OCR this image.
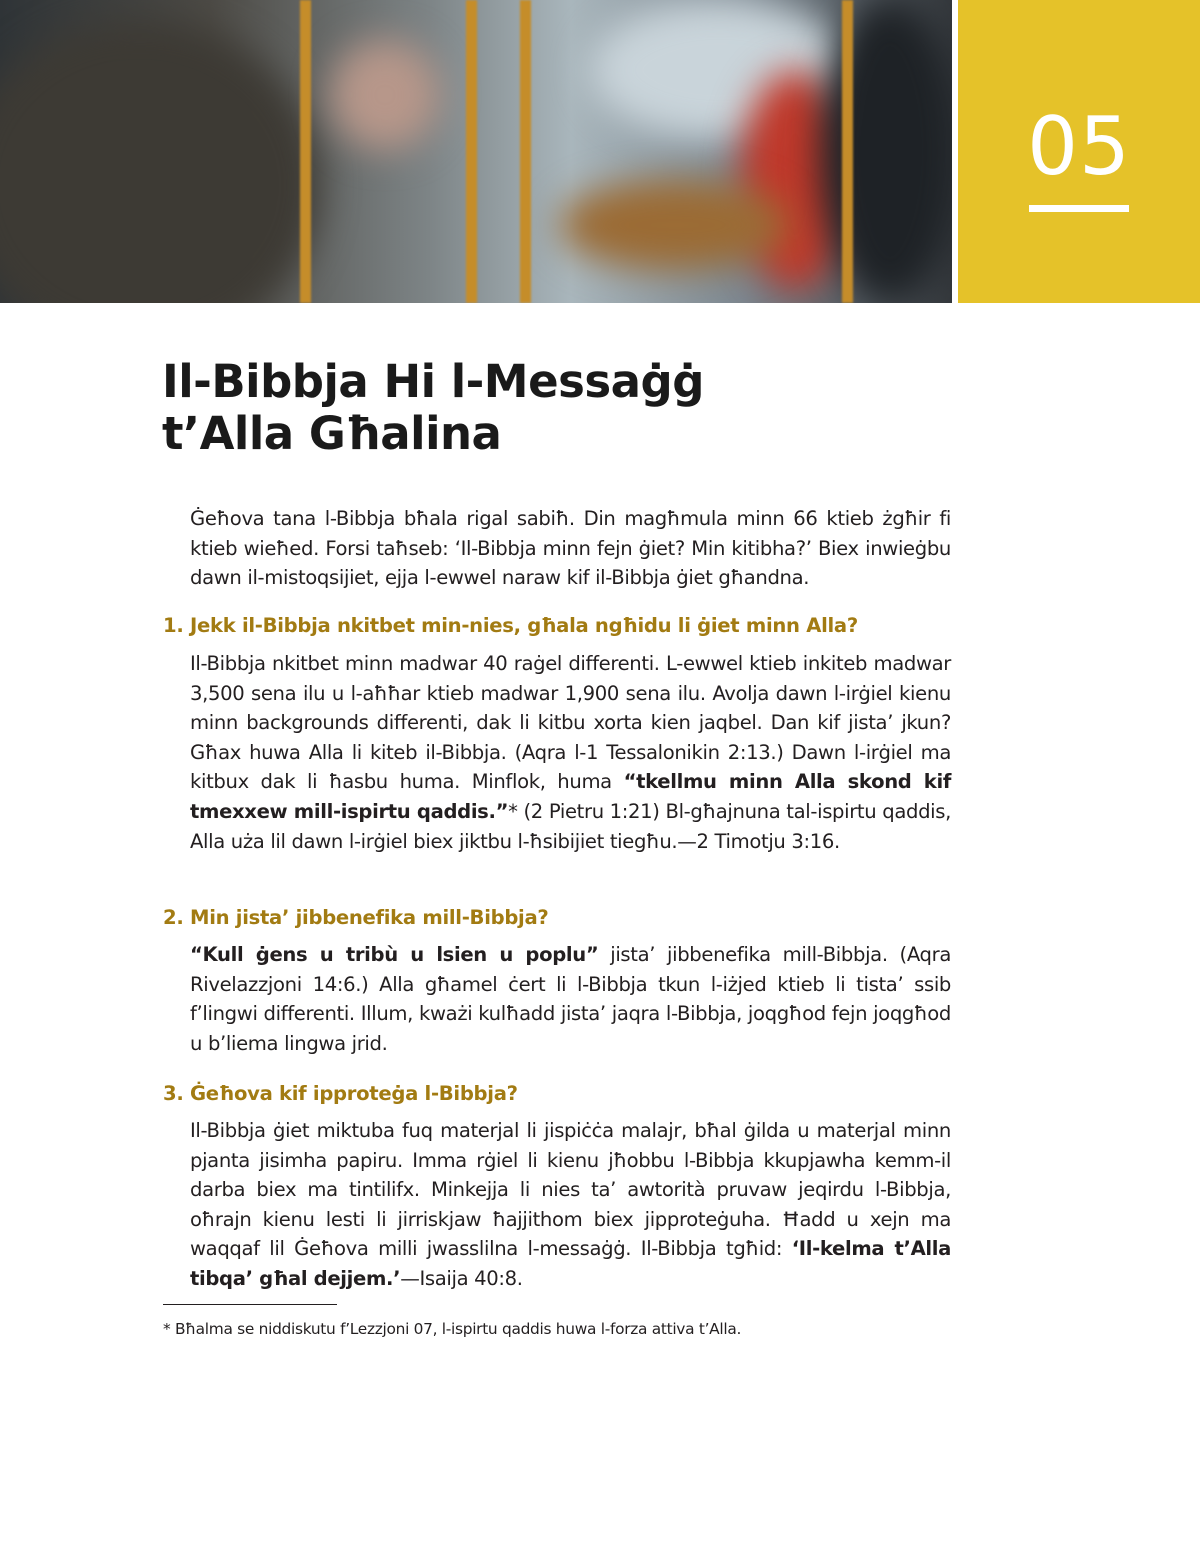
05
Il-Bibbja Hi l-Messaġġ
t’Alla Għalina

Ġeħova tana l-Bibbja bħala rigal sabiħ. Din magħmula minn 66 ktieb żgħir fi ktieb wieħed. Forsi taħseb: ‘Il-Bibbja minn fejn ġiet? Min kitibha?’ Biex inwieġbu dawn il-mistoqsijiet, ejja l-ewwel naraw kif il-Bibbja ġiet għandna.

1. Jekk il-Bibbja nkitbet min-nies, għala ngħidu li ġiet minn Alla?

Il-Bibbja nkitbet minn madwar 40 raġel differenti. L-ewwel ktieb inkiteb madwar 3,500 sena ilu u l-aħħar ktieb madwar 1,900 sena ilu. Avolja dawn l-irġiel kienu minn backgrounds differenti, dak li kitbu xorta kien jaqbel. Dan kif jista’ jkun? Għax huwa Alla li kiteb il-Bibbja. (Aqra l-1 Tessalonikin 2:13.) Dawn l-irġiel ma kitbux dak li ħasbu huma. Minflok, huma “tkellmu minn Alla skond kif tmexxew mill-ispirtu qaddis.”* (2 Pietru 1:21) Bl-għajnuna tal-ispirtu qaddis, Alla uża lil dawn l-irġiel biex jiktbu l-ħsibijiet tiegħu.—2 Timotju 3:16.

2. Min jista’ jibbenefika mill-Bibbja?

“Kull ġens u tribù u lsien u poplu” jista’ jibbenefika mill-Bibbja. (Aqra Rivelazzjoni 14:6.) Alla għamel ċert li l-Bibbja tkun l-iżjed ktieb li tista’ ssib f’lingwi differenti. Illum, kważi kulħadd jista’ jaqra l-Bibbja, joqgħod fejn joqgħod u b’liema lingwa jrid.

3. Ġeħova kif ipproteġa l-Bibbja?

Il-Bibbja ġiet miktuba fuq materjal li jispiċċa malajr, bħal ġilda u materjal minn pjanta jisimha papiru. Imma rġiel li kienu jħobbu l-Bibbja kkupjawha kemm-il darba biex ma tintilifx. Minkejja li nies ta’ awtorità pruvaw jeqirdu l-Bibbja, oħrajn kienu lesti li jirriskjaw ħajjithom biex jipproteġuha. Ħadd u xejn ma waqqaf lil Ġeħova milli jwasslilna l-messaġġ. Il-Bibbja tgħid: ‘Il-kelma t’Alla tibqa’ għal dejjem.’—Isaija 40:8.

* Bħalma se niddiskutu f’Lezzjoni 07, l-ispirtu qaddis huwa l-forza attiva t’Alla.
